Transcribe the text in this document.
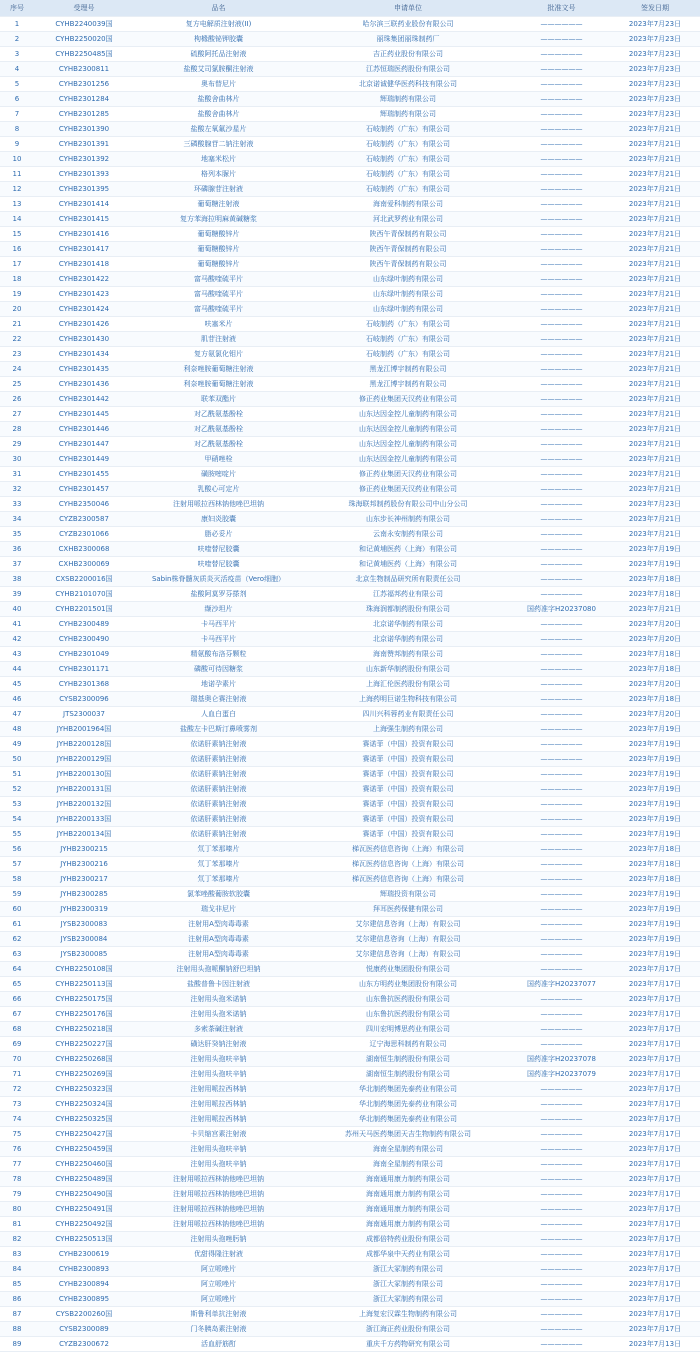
序号	受理号	品名	申请单位	批准文号	签发日期
1	CYHB2240039国	复方电解质注射液(II)	哈尔滨三联药业股份有限公司	——————	2023年7月23日
2	CYHB2250020国	枸橼酸铋钾胶囊	丽珠集团丽珠制药厂	——————	2023年7月23日
3	CYHB2250485国	硫酸阿托品注射液	吉正药业股份有限公司	——————	2023年7月23日
4	CYHB2300811	盐酸艾司氯胺酮注射液	江苏恒瑞医药股份有限公司	——————	2023年7月23日
5	CYHB2301256	奥布替尼片	北京诺诚健华医药科技有限公司	——————	2023年7月23日
6	CYHB2301284	盐酸舍曲林片	辉瑞制药有限公司	——————	2023年7月23日
7	CYHB2301285	盐酸舍曲林片	辉瑞制药有限公司	——————	2023年7月23日
8	CYHB2301390	盐酸左氧氟沙星片	石岐制药（广东）有限公司	——————	2023年7月21日
9	CYHB2301391	三磷酸腺苷二钠注射液	石岐制药（广东）有限公司	——————	2023年7月21日
10	CYHB2301392	地塞米松片	石岐制药（广东）有限公司	——————	2023年7月21日
11	CYHB2301393	格列本脲片	石岐制药（广东）有限公司	——————	2023年7月21日
12	CYHB2301395	环磷腺苷注射液	石岐制药（广东）有限公司	——————	2023年7月21日
13	CYHB2301414	葡萄糖注射液	海南爱科制药有限公司	——————	2023年7月21日
14	CYHB2301415	复方苯海拉明麻黄碱糖浆	河北武罗药业有限公司	——————	2023年7月21日
15	CYHB2301416	葡萄糖酸锌片	陕西午青保制药有限公司	——————	2023年7月21日
16	CYHB2301417	葡萄糖酸锌片	陕西午青保制药有限公司	——————	2023年7月21日
17	CYHB2301418	葡萄糖酸锌片	陕西午青保制药有限公司	——————	2023年7月21日
18	CYHB2301422	富马酸喹硫平片	山东绿叶制药有限公司	——————	2023年7月21日
19	CYHB2301423	富马酸喹硫平片	山东绿叶制药有限公司	——————	2023年7月21日
20	CYHB2301424	富马酸喹硫平片	山东绿叶制药有限公司	——————	2023年7月21日
21	CYHB2301426	呋塞米片	石岐制药（广东）有限公司	——————	2023年7月21日
22	CYHB2301430	肌苷注射液	石岐制药（广东）有限公司	——————	2023年7月21日
23	CYHB2301434	复方氨氯化钼片	石岐制药（广东）有限公司	——————	2023年7月21日
24	CYHB2301435	利奈唑胺葡萄糖注射液	黑龙江博宇制药有限公司	——————	2023年7月21日
25	CYHB2301436	利奈唑胺葡萄糖注射液	黑龙江博宇制药有限公司	——————	2023年7月21日
26	CYHB2301442	联苯双酯片	修正药业集团天汉药业有限公司	——————	2023年7月21日
27	CYHB2301445	对乙酰氨基酚栓	山东达因金控儿童制药有限公司	——————	2023年7月21日
28	CYHB2301446	对乙酰氨基酚栓	山东达因金控儿童制药有限公司	——————	2023年7月21日
29	CYHB2301447	对乙酰氨基酚栓	山东达因金控儿童制药有限公司	——————	2023年7月21日
30	CYHB2301449	甲硝唑栓	山东达因金控儿童制药有限公司	——————	2023年7月21日
31	CYHB2301455	磺胺嘧啶片	修正药业集团天汉药业有限公司	——————	2023年7月21日
32	CYHB2301457	乳酸心可定片	修正药业集团天汉药业有限公司	——————	2023年7月21日
33	CYHB2350046	注射用哌拉西林钠他唑巴坦钠	珠海联邦制药股份有限公司中山分公司	——————	2023年7月23日
34	CYZB2300587	康妇炎胶囊	山东步长神州制药有限公司	——————	2023年7月21日
35	CYZB2301066	脂必妥片	云南永安制药有限公司	——————	2023年7月21日
36	CXHB2300068	呋喹替尼胶囊	和记黄埔医药（上海）有限公司	——————	2023年7月19日
37	CXHB2300069	呋喹替尼胶囊	和记黄埔医药（上海）有限公司	——————	2023年7月19日
38	CXSB2200016国	Sabin株脊髓灰质炎灭活疫苗（Vero细胞）	北京生物制品研究所有限责任公司	——————	2023年7月18日
39	CYHB2101070国	盐酸阿莫罗芬搽剂	江苏福邦药业有限公司	——————	2023年7月18日
40	CYHB2201501国	缬沙坦片	珠海润都制药股份有限公司	国药准字H20237080	2023年7月21日
41	CYHB2300489	卡马西平片	北京诺华制药有限公司	——————	2023年7月20日
42	CYHB2300490	卡马西平片	北京诺华制药有限公司	——————	2023年7月20日
43	CYHB2301049	精氨酸布洛芬颗粒	海南赞邦制药有限公司	——————	2023年7月18日
44	CYHB2301171	磷酸可待因糖浆	山东新华制药股份有限公司	——————	2023年7月18日
45	CYHB2301368	地诺孕素片	上海汇伦医药股份有限公司	——————	2023年7月20日
46	CYSB2300096	瑞基奥仑赛注射液	上海药明巨诺生物科技有限公司	——————	2023年7月18日
47	JTS2300037	人血白蛋白	四川兴科蓉药业有限责任公司	——————	2023年7月20日
48	JYHB2001964国	盐酸左卡巴斯汀鼻喷雾剂	上海强生制药有限公司	——————	2023年7月19日
49	JYHB2200128国	依诺肝素钠注射液	赛诺菲（中国）投资有限公司	——————	2023年7月19日
50	JYHB2200129国	依诺肝素钠注射液	赛诺菲（中国）投资有限公司	——————	2023年7月19日
51	JYHB2200130国	依诺肝素钠注射液	赛诺菲（中国）投资有限公司	——————	2023年7月19日
52	JYHB2200131国	依诺肝素钠注射液	赛诺菲（中国）投资有限公司	——————	2023年7月19日
53	JYHB2200132国	依诺肝素钠注射液	赛诺菲（中国）投资有限公司	——————	2023年7月19日
54	JYHB2200133国	依诺肝素钠注射液	赛诺菲（中国）投资有限公司	——————	2023年7月19日
55	JYHB2200134国	依诺肝素钠注射液	赛诺菲（中国）投资有限公司	——————	2023年7月19日
56	JYHB2300215	氘丁苯那嗪片	梯瓦医药信息咨询（上海）有限公司	——————	2023年7月18日
57	JYHB2300216	氘丁苯那嗪片	梯瓦医药信息咨询（上海）有限公司	——————	2023年7月18日
58	JYHB2300217	氘丁苯那嗪片	梯瓦医药信息咨询（上海）有限公司	——————	2023年7月18日
59	JYHB2300285	氯苯唑酸葡胺软胶囊	辉瑞投资有限公司	——————	2023年7月19日
60	JYHB2300319	瑞戈非尼片	拜耳医药保健有限公司	——————	2023年7月19日
61	JYSB2300083	注射用A型肉毒毒素	艾尔建信息咨询（上海）有限公司	——————	2023年7月19日
62	JYSB2300084	注射用A型肉毒毒素	艾尔建信息咨询（上海）有限公司	——————	2023年7月19日
63	JYSB2300085	注射用A型肉毒毒素	艾尔建信息咨询（上海）有限公司	——————	2023年7月19日
64	CYHB2250108国	注射用头孢哌酮钠舒巴坦钠	悦康药业集团股份有限公司	——————	2023年7月17日
65	CYHB2250113国	盐酸普鲁卡因注射液	山东方明药业集团股份有限公司	国药准字H20237077	2023年7月17日
66	CYHB2250175国	注射用头孢米诺钠	山东鲁抗医药股份有限公司	——————	2023年7月17日
67	CYHB2250176国	注射用头孢米诺钠	山东鲁抗医药股份有限公司	——————	2023年7月17日
68	CYHB2250218国	多索茶碱注射液	四川宏明博思药业有限公司	——————	2023年7月17日
69	CYHB2250227国	磺达肝癸钠注射液	辽宁海思科制药有限公司	——————	2023年7月17日
70	CYHB2250268国	注射用头孢呋辛钠	湖南恒生制药股份有限公司	国药准字H20237078	2023年7月17日
71	CYHB2250269国	注射用头孢呋辛钠	湖南恒生制药股份有限公司	国药准字H20237079	2023年7月17日
72	CYHB2250323国	注射用哌拉西林钠	华北制药集团先泰药业有限公司	——————	2023年7月17日
73	CYHB2250324国	注射用哌拉西林钠	华北制药集团先泰药业有限公司	——————	2023年7月17日
74	CYHB2250325国	注射用哌拉西林钠	华北制药集团先泰药业有限公司	——————	2023年7月17日
75	CYHB2250427国	卡贝缩宫素注射液	苏州天马医药集团天吉生物制药有限公司	——————	2023年7月17日
76	CYHB2250459国	注射用头孢呋辛钠	海南全星制药有限公司	——————	2023年7月17日
77	CYHB2250460国	注射用头孢呋辛钠	海南全星制药有限公司	——————	2023年7月17日
78	CYHB2250489国	注射用哌拉西林钠他唑巴坦钠	海南通用康力制药有限公司	——————	2023年7月17日
79	CYHB2250490国	注射用哌拉西林钠他唑巴坦钠	海南通用康力制药有限公司	——————	2023年7月17日
80	CYHB2250491国	注射用哌拉西林钠他唑巴坦钠	海南通用康力制药有限公司	——————	2023年7月17日
81	CYHB2250492国	注射用哌拉西林钠他唑巴坦钠	海南通用康力制药有限公司	——————	2023年7月17日
82	CYHB2250513国	注射用头孢唑肟钠	成都倍特药业股份有限公司	——————	2023年7月17日
83	CYHB2300619	优甜得隆注射液	成都华泉中天药业有限公司	——————	2023年7月17日
84	CYHB2300893	阿立哌唑片	浙江大冢制药有限公司	——————	2023年7月17日
85	CYHB2300894	阿立哌唑片	浙江大冢制药有限公司	——————	2023年7月17日
86	CYHB2300895	阿立哌唑片	浙江大冢制药有限公司	——————	2023年7月17日
87	CYSB2200260国	斯鲁利单抗注射液	上海复宏汉霖生物制药有限公司	——————	2023年7月17日
88	CYSB2300089	门冬胰岛素注射液	浙江海正药业股份有限公司	——————	2023年7月17日
89	CYZB2300672	活血舒筋酊	重庆千方药物研究有限公司	——————	2023年7月13日
